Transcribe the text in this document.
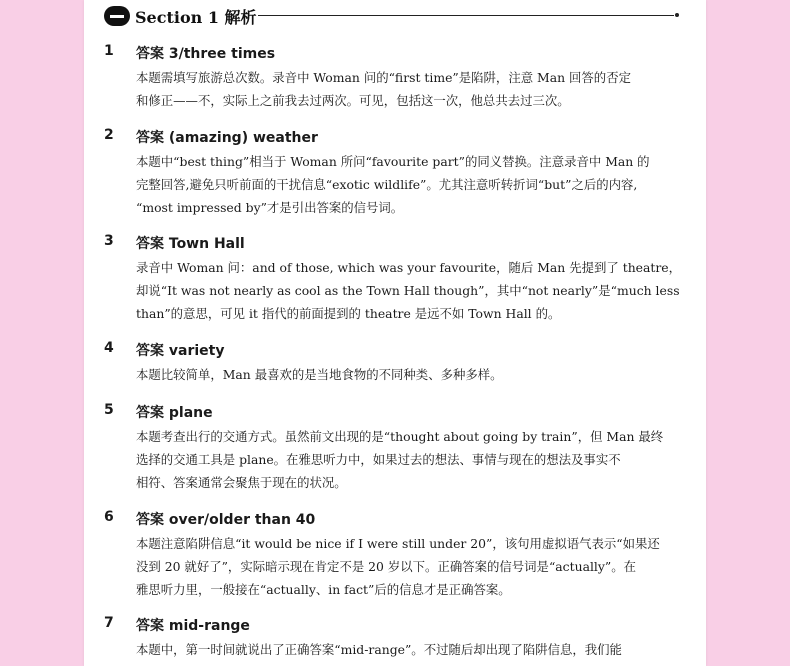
Section 1 解析
1	答案 3/three times
本题需填写旅游总次数。录音中 Woman 问的“first time”是陷阱，注意 Man 回答的否定
和修正——不，实际上之前我去过两次。可见，包括这一次，他总共去过三次。
2	答案 (amazing) weather
本题中“best thing”相当于 Woman 所问“favourite part”的同义替换。注意录音中 Man 的
完整回答,避免只听前面的干扰信息“exotic wildlife”。尤其注意听转折词“but”之后的内容,
“most impressed by”才是引出答案的信号词。
3	答案 Town Hall
录音中 Woman 问：and of those, which was your favourite，随后 Man 先提到了 theatre，
却说“It was not nearly as cool as the Town Hall though”，其中“not nearly”是“much less
than”的意思，可见 it 指代的前面提到的 theatre 是远不如 Town Hall 的。
4	答案 variety
本题比较简单，Man 最喜欢的是当地食物的不同种类、多种多样。
5	答案 plane
本题考查出行的交通方式。虽然前文出现的是“thought about going by train”，但 Man 最终
选择的交通工具是 plane。在雅思听力中，如果过去的想法、事情与现在的想法及事实不
相符、答案通常会聚焦于现在的状况。
6	答案 over/older than 40
本题注意陷阱信息“it would be nice if I were still under 20”，该句用虚拟语气表示“如果还
没到 20 就好了”，实际暗示现在肯定不是 20 岁以下。正确答案的信号词是“actually”。在
雅思听力里，一般接在“actually、in fact”后的信息才是正确答案。
7	答案 mid-range
本题中，第一时间就说出了正确答案“mid-range”。不过随后却出现了陷阱信息，我们能
